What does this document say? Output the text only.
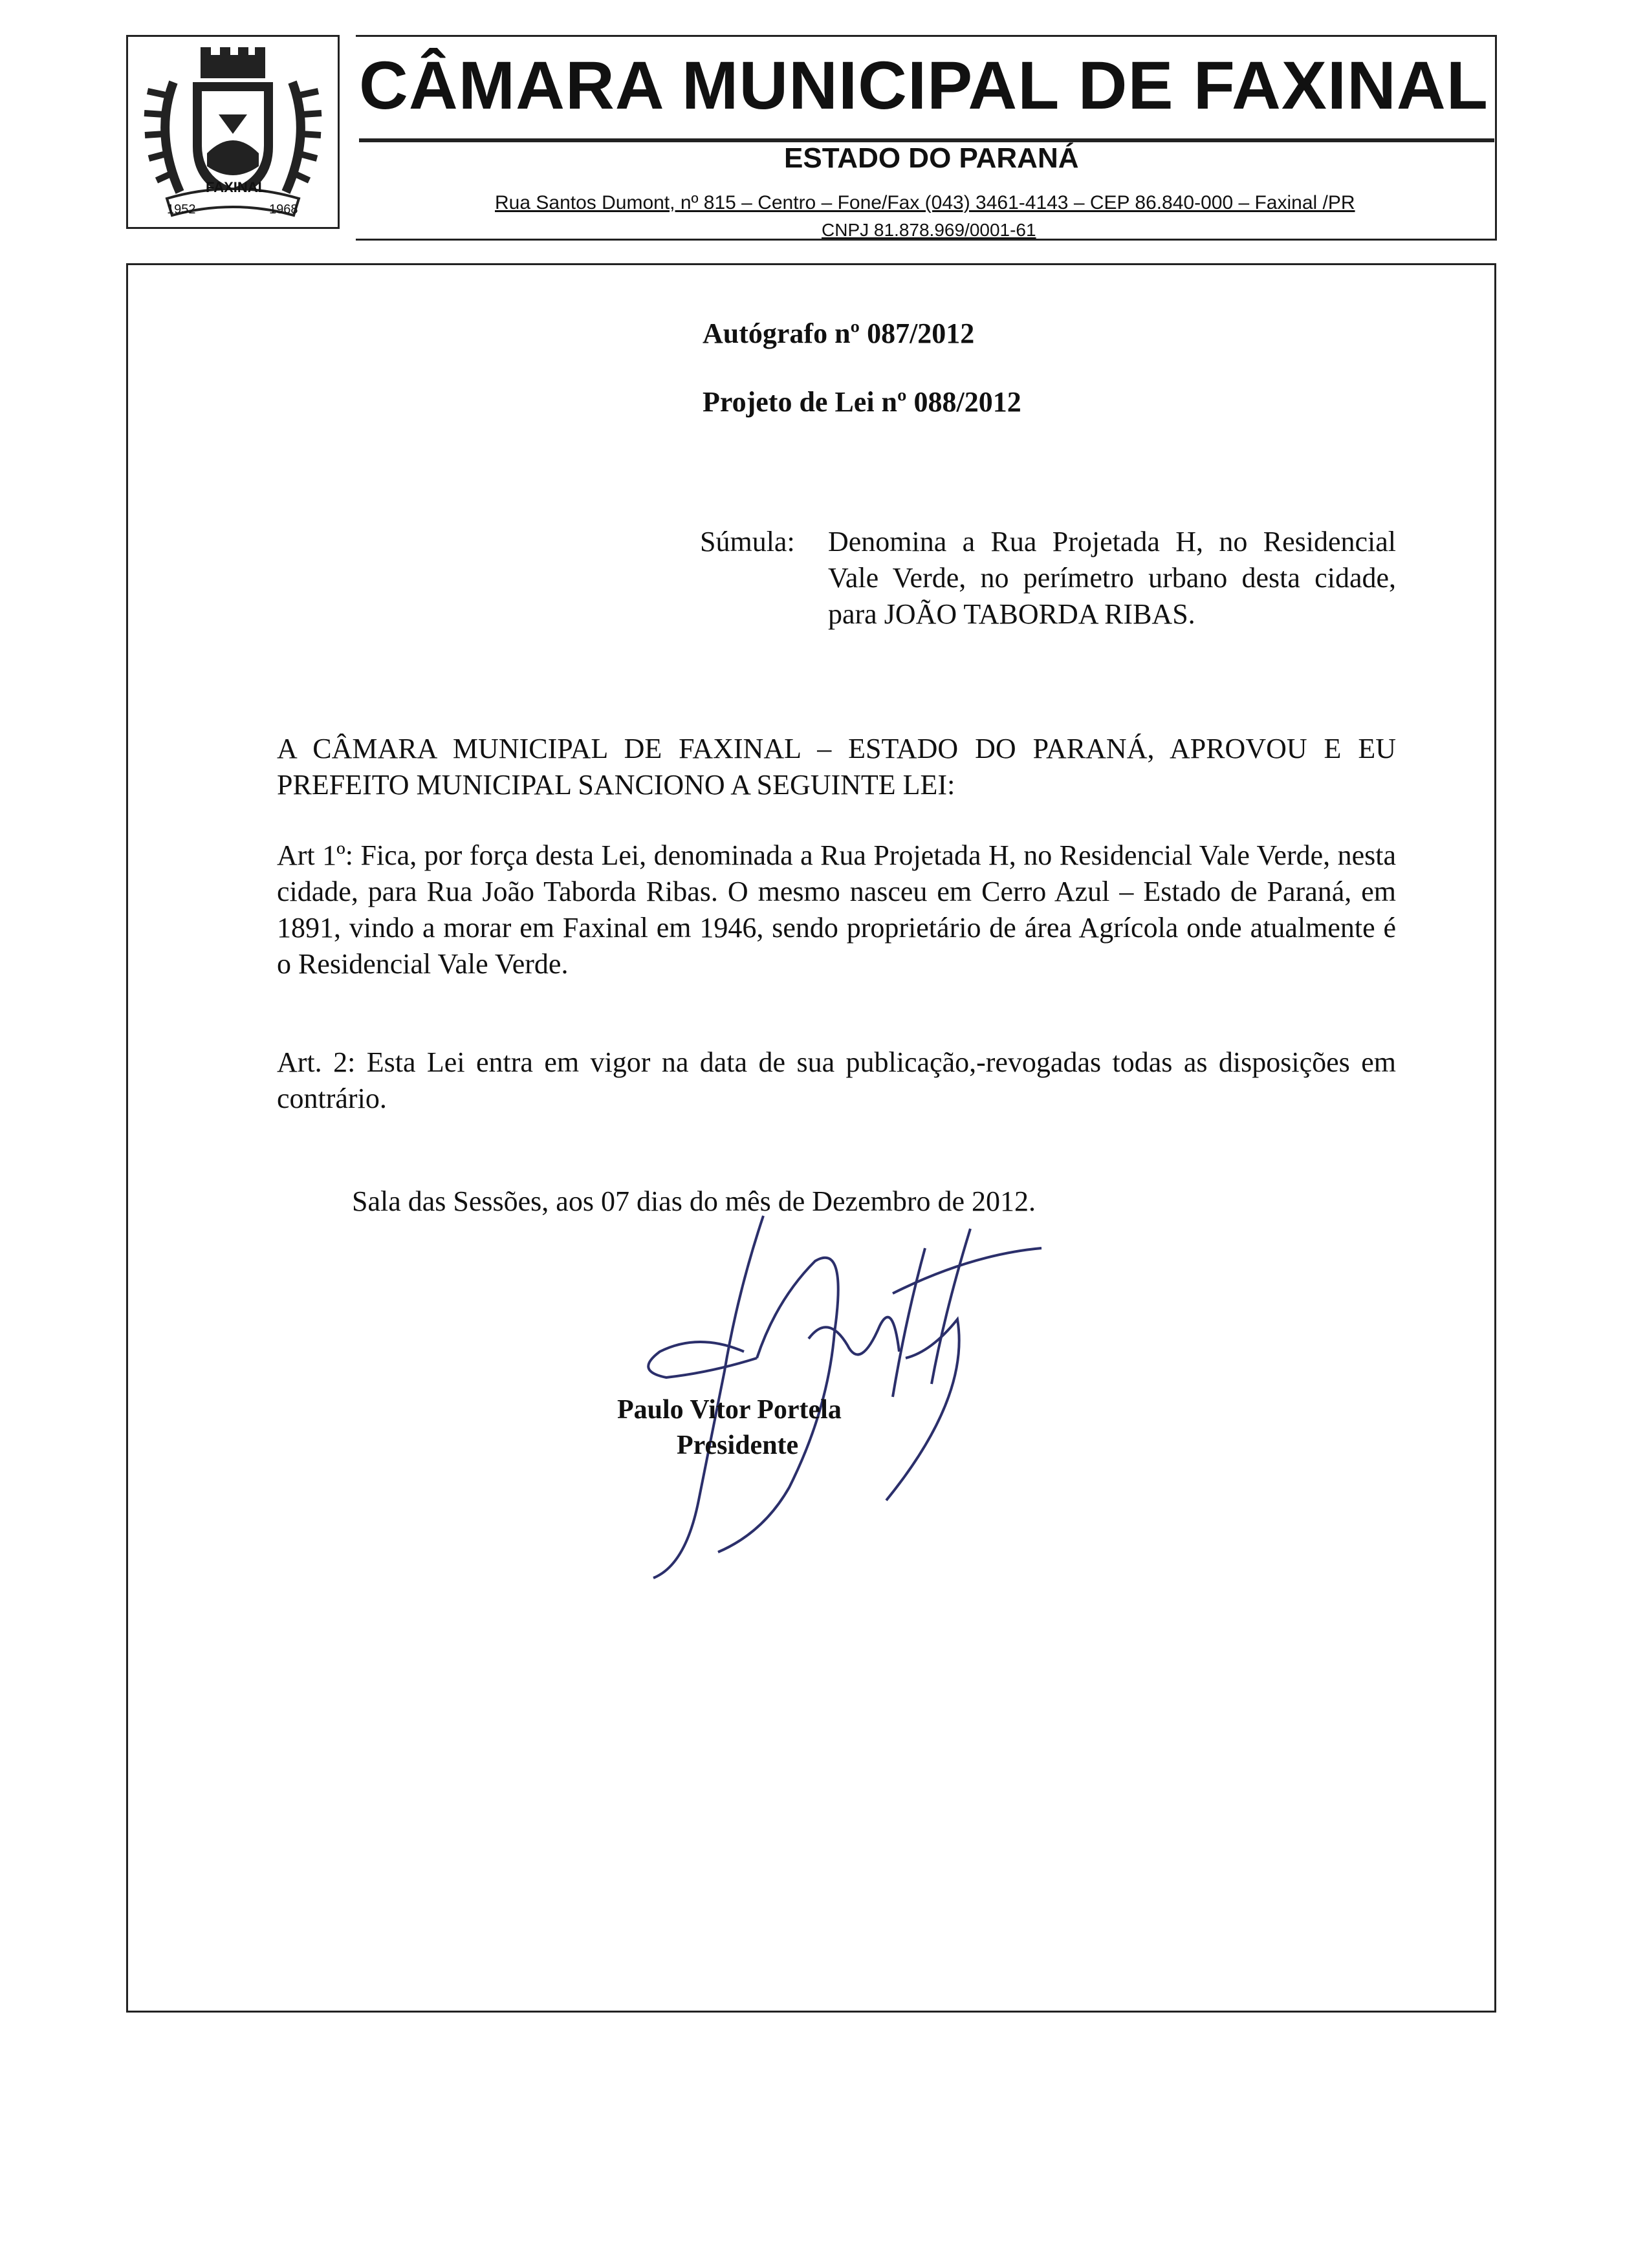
FAXINAL
1952	1968
CÂMARA MUNICIPAL DE FAXINAL
ESTADO DO PARANÁ
Rua Santos Dumont, nº 815 – Centro – Fone/Fax (043) 3461-4143 – CEP 86.840-000 – Faxinal /PR
CNPJ 81.878.969/0001-61
Autógrafo nº 087/2012
Projeto de Lei nº 088/2012
Súmula: Denomina a Rua Projetada H, no Residencial Vale Verde, no perímetro urbano desta cidade, para JOÃO TABORDA RIBAS.
A CÂMARA MUNICIPAL DE FAXINAL – ESTADO DO PARANÁ, APROVOU E EU PREFEITO MUNICIPAL SANCIONO A SEGUINTE LEI:
Art 1º: Fica, por força desta Lei, denominada a Rua Projetada H, no Residencial Vale Verde, nesta cidade, para Rua João Taborda Ribas. O mesmo nasceu em Cerro Azul – Estado de Paraná, em 1891, vindo a morar em Faxinal em 1946, sendo proprietário de área Agrícola onde atualmente é o Residencial Vale Verde.
Art. 2: Esta Lei entra em vigor na data de sua publicação,-revogadas todas as disposições em contrário.
Sala das Sessões, aos 07 dias do mês de Dezembro de 2012.
Paulo Vitor Portela
Presidente
